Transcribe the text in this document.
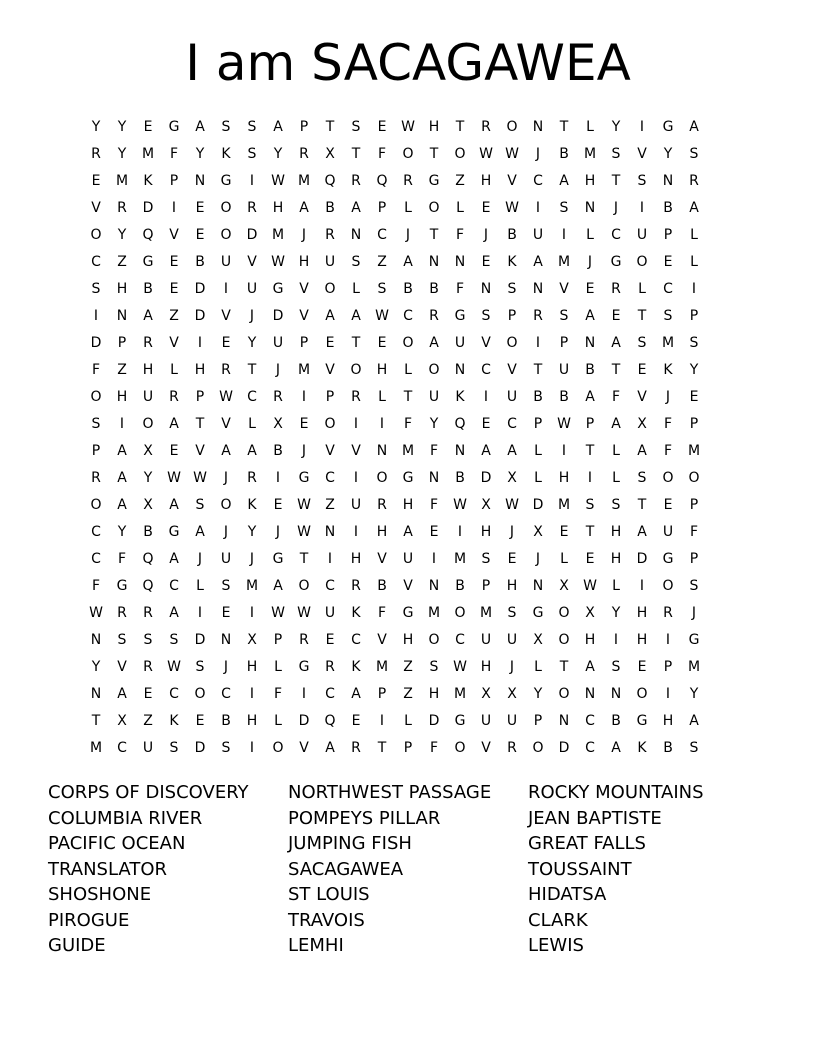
I am SACAGAWEA
Y	Y	E	G	A	S	S	A	P	T	S	E	W H	T	R	O	N	T	L	Y	I	G	A
R	Y	M	F	Y	K	S	Y	R	X	T	F	O	T	O W W	J	B	M	S	V	Y	S
E	M	K	P	N	G	I	W M	Q	R	Q	R	G	Z	H	V	C	A	H	T	S	N	R
V	R	D	I	E	O	R	H	A	B	A	P	L	O	L	E	W	I	S	N	J	I	B	A
O	Y	Q	V	E	O	D	M	J	R	N	C	J	T	F	J	B	U	I	L	C	U	P	L
C	Z	G	E	B	U	V	W H	U	S	Z	A	N	N	E	K	A	M	J	G	O	E	L
S	H	B	E	D	I	U	G	V	O	L	S	B	B	F	N	S	N	V	E	R	L	C	I
I	N	A	Z	D	V	J	D	V	A	A	W	C	R	G	S	P	R	S	A	E	T	S	P
D	P	R	V	I	E	Y	U	P	E	T	E	O	A	U	V	O	I	P	N	A	S	M	S
F	Z	H	L	H	R	T	J	M	V	O	H	L	O	N	C	V	T	U	B	T	E	K	Y
O	H	U	R	P	W	C	R	I	P	R	L	T	U	K	I	U	B	B	A	F	V	J	E
S	I	O	A	T	V	L	X	E	O	I	I	F	Y	Q	E	C	P	W	P	A	X	F	P
P	A	X	E	V	A	A	B	J	V	V	N	M	F	N	A	A	L	I	T	L	A	F	M
R	A	Y	W W	J	R	I	G	C	I	O	G	N	B	D	X	L	H	I	L	S	O	O
O	A	X	A	S	O	K	E	W	Z	U	R	H	F	W	X	W D	M	S	S	T	E	P
C	Y	B	G	A	J	Y	J	W N	I	H	A	E	I	H	J	X	E	T	H	A	U	F
C	F	Q	A	J	U	J	G	T	I	H	V	U	I	M	S	E	J	L	E	H	D	G	P
F	G	Q	C	L	S	M	A	O	C	R	B	V	N	B	P	H	N	X	W	L	I	O	S
W	R	R	A	I	E	I	W W U	K	F	G	M	O	M	S	G	O	X	Y	H	R	J
N	S	S	S	D	N	X	P	R	E	C	V	H	O	C	U	U	X	O	H	I	H	I	G
Y	V	R	W	S	J	H	L	G	R	K	M	Z	S	W H	J	L	T	A	S	E	P	M
N	A	E	C	O	C	I	F	I	C	A	P	Z	H	M	X	X	Y	O	N	N	O	I	Y
T	X	Z	K	E	B	H	L	D	Q	E	I	L	D	G	U	U	P	N	C	B	G	H	A
M	C	U	S	D	S	I	O	V	A	R	T	P	F	O	V	R	O	D	C	A	K	B	S
CORPS OF DISCOVERY
COLUMBIA RIVER
PACIFIC OCEAN
TRANSLATOR
SHOSHONE
PIROGUE
GUIDE
NORTHWEST PASSAGE
POMPEYS PILLAR
JUMPING FISH
SACAGAWEA
ST LOUIS
TRAVOIS
LEMHI
ROCKY MOUNTAINS
JEAN BAPTISTE
GREAT FALLS
TOUSSAINT
HIDATSA
CLARK
LEWIS
